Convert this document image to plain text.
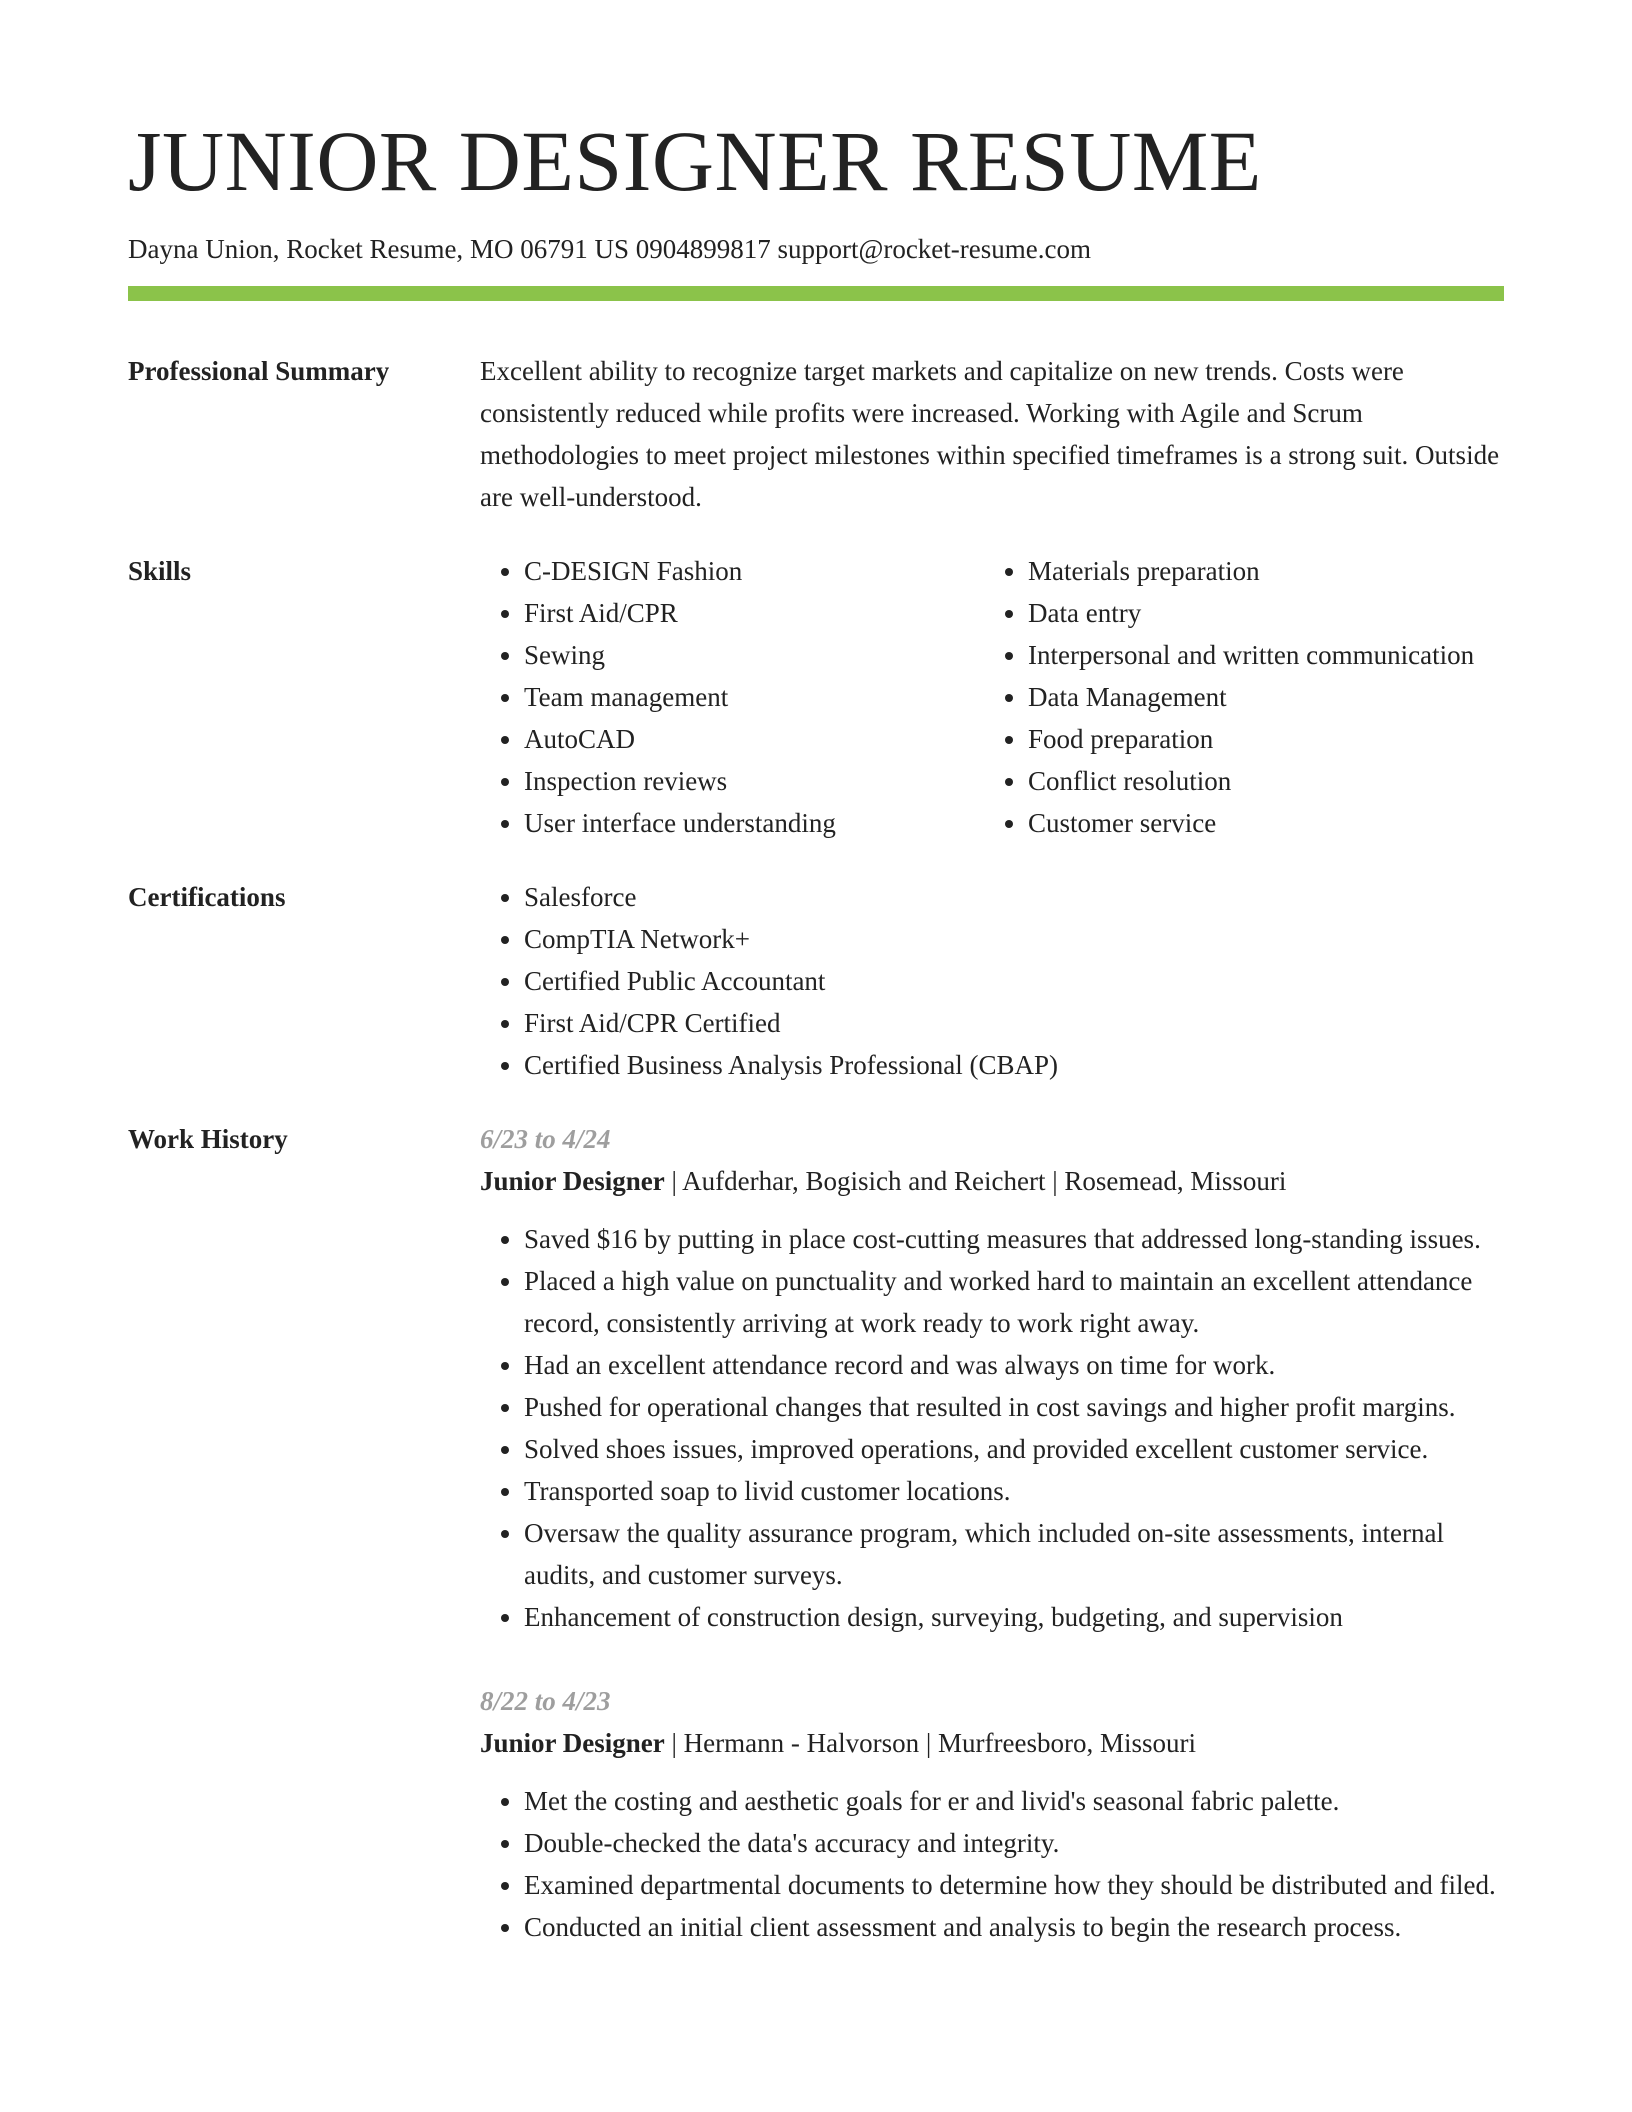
JUNIOR DESIGNER RESUME
Dayna Union, Rocket Resume, MO 06791 US 0904899817 support@rocket-resume.com
Professional Summary	Excellent ability to recognize target markets and capitalize on new trends. Costs were consistently reduced while profits were increased. Working with Agile and Scrum methodologies to meet project milestones within specified timeframes is a strong suit. Outside are well-understood.

Skills	• C-DESIGN Fashion
• First Aid/CPR
• Sewing
• Team management
• AutoCAD
• Inspection reviews
• User interface understanding
• Materials preparation
• Data entry
• Interpersonal and written communication
• Data Management
• Food preparation
• Conflict resolution
• Customer service
Certifications	• Salesforce
• CompTIA Network+
• Certified Public Accountant
• First Aid/CPR Certified
• Certified Business Analysis Professional (CBAP)
Work History	6/23 to 4/24
Junior Designer | Aufderhar, Bogisich and Reichert | Rosemead, Missouri
• Saved $16 by putting in place cost-cutting measures that addressed long-standing issues.
• Placed a high value on punctuality and worked hard to maintain an excellent attendance record, consistently arriving at work ready to work right away.
• Had an excellent attendance record and was always on time for work.
• Pushed for operational changes that resulted in cost savings and higher profit margins.
• Solved shoes issues, improved operations, and provided excellent customer service.
• Transported soap to livid customer locations.
• Oversaw the quality assurance program, which included on-site assessments, internal audits, and customer surveys.
• Enhancement of construction design, surveying, budgeting, and supervision
8/22 to 4/23
Junior Designer | Hermann - Halvorson | Murfreesboro, Missouri
• Met the costing and aesthetic goals for er and livid's seasonal fabric palette.
• Double-checked the data's accuracy and integrity.
• Examined departmental documents to determine how they should be distributed and filed.
• Conducted an initial client assessment and analysis to begin the research process.
